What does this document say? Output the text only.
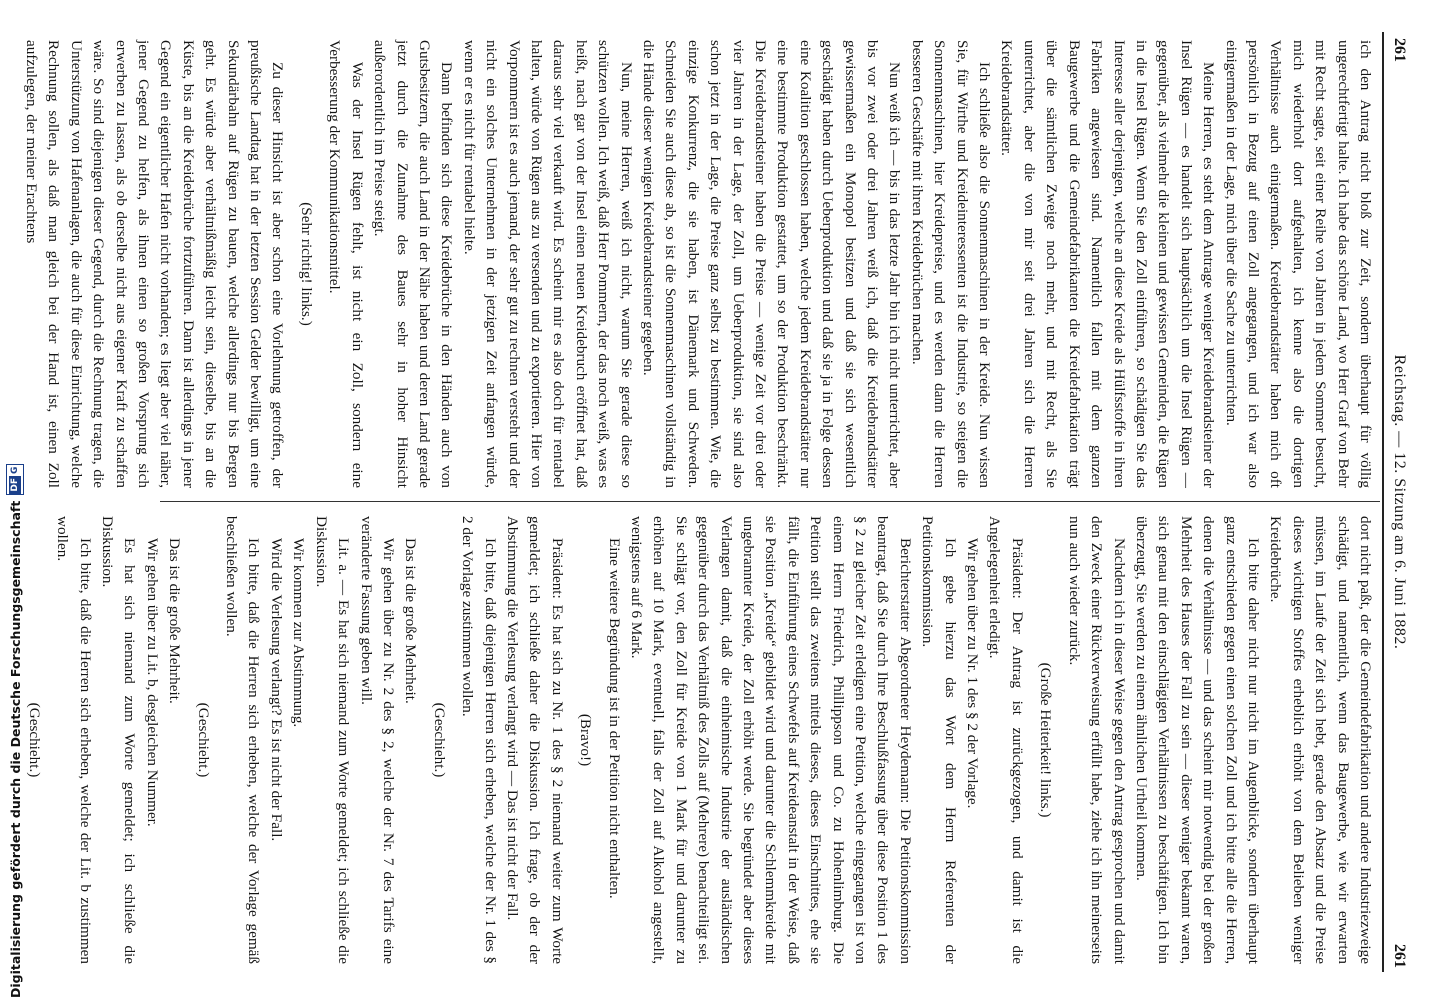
Digitalisierung gefördert durch die Deutsche Forschungsgemeinschaft
DF
G
261
Reichstag. — 12. Sitzung am 6. Juni 1882.
261

ich den Antrag nicht bloß zur Zeit, sondern überhaupt für völlig ungerechtfertigt halte. Ich habe das schöne Land, wo Herr Graf von Behr mit Recht sagte, seit einer Reihe von Jahren in jedem Sommer besucht, mich wiederholt dort aufgehalten, ich kenne also die dortigen Verhältnisse auch einigermaßen. Kreidebrandstätter haben mich oft persönlich in Bezug auf einen Zoll angegangen, und ich war also einigermaßen in der Lage, mich über die Sache zu unterrichten.

Meine Herren, es steht dem Antrage weniger Kreidebrandsteiner der Insel Rügen — es handelt sich hauptsächlich um die Insel Rügen — gegenüber, als vielmehr die kleinen und gewissen Gemeinden, die Rügen in die Insel Rügen. Wenn Sie den Zoll einführen, so schädigen Sie das Interesse aller derjenigen, welche an diese Kreide als Hülfsstoffe in ihren Fabriken angewiesen sind. Namentlich fallen mit dem ganzen Baugewerbe und die Gemeindefabrikanten die Kreidefabrikation trägt über die sämtlichen Zweige noch mehr, und mit Recht, als Sie unterrichtet, aber die von mir seit drei Jahren sich die Herren Kreidebrandstätter.

Ich schließe also die Sonnenmaschinen in der Kreide. Nun wissen Sie, für Wirthe und Kreideinteressenten ist die Industrie, so steigen die Sonnenmaschinen, hier Kreidepreise, und es werden dann die Herren besseren Geschäfte mit ihren Kreidebrüchen machen.

Nun weiß ich — bis in das letzte Jahr bin ich nicht unterrichtet, aber bis vor zwei oder drei Jahren weiß ich, daß die Kreidebrandstätter gewissermaßen ein Monopol besitzen und daß sie sich wesentlich geschädigt haben durch Ueberproduktion und daß sie ja in Folge dessen eine Koalition geschlossen haben, welche jedem Kreidebrandstätter nur eine bestimmte Produktion gestattet, um so der Produktion beschränkt. Die Kreidebrandsteiner haben die Preise — wenige Zeit vor drei oder vier Jahren in der Lage, der Zoll, um Ueberproduktion, sie sind also schon jetzt in der Lage, die Preise ganz selbst zu bestimmen. Wie, die einzige Konkurrenz, die sie haben, ist Dänemark und Schweden. Schneiden Sie auch diese ab, so ist die Sonnenmaschinen vollständig in die Hände dieser wenigen Kreidebrandsteiner gegeben.

Nun, meine Herren, weiß ich nicht, warum Sie gerade diese so schützen wollen. Ich weiß, daß Herr Pommern, der das noch weiß, was es heißt, nach gar von der Insel einen neuen Kreidebruch eröffnet hat, daß daraus sehr viel verkauft wird. Es scheint mir es also doch für rentabel halten, würde von Rügen aus zu versenden und zu exportieren. Hier von Vorpommern ist es auch jemand, der sehr gut zu rechnen versteht und der nicht ein solches Unternehmen in der jetzigen Zeit anfangen würde, wenn er es nicht für rentabel hielte.

Dann befinden sich diese Kreidebrüche in den Händen auch von Gutsbesitzern, die auch Land in der Nähe haben und deren Land gerade jetzt durch die Zunahme des Baues sehr in hoher Hinsicht außerordentlich im Preise steigt.

Was der Insel Rügen fehlt, ist nicht ein Zoll, sondern eine Verbesserung der Kommunikationsmittel.

(Sehr richtig! links.)

Zu dieser Hinsicht ist aber schon eine Vorlehnung getroffen, der preußische Landtag hat in der letzten Session Gelder bewilligt, um eine Sekundärbahn auf Rügen zu bauen, welche allerdings nur bis Bergen geht. Es würde aber verhältnißmäßig leicht sein, dieselbe, bis an die Küste, bis an die Kreidebrüche fortzuführen. Dann ist allerdings in jener Gegend ein eigentlicher Hafen nicht vorhanden; es liegt aber viel näher, jener Gegend zu helfen, als ihnen einen so großen Vorsprung sich erwerben zu lassen, als ob derselbe nicht aus eigener Kraft zu schaffen wäre. So sind diejenigen dieser Gegend, durch die Rechnung tragen, die Unterstützung von Hafenanlagen, die auch für diese Einrichtung, welche Rechnung sollen, als daß man gleich bei der Hand ist, einen Zoll aufzulegen, der meiner Erachtens

dort nicht paßt, der die Gemeindefabrikation und andere Industriezweige schädigt, und namentlich, wenn das Baugewerbe, wie wir erwarten müssen, im Laufe der Zeit sich hebt, gerade den Absatz und die Preise dieses wichtigen Stoffes erheblich erhöht von dem Belieben weniger Kreidebrüche.

Ich bitte daher nicht nur nicht im Augenblicke, sondern überhaupt ganz entschieden gegen einen solchen Zoll und ich bitte alle die Herren, denen die Verhältnisse — und das scheint mir notwendig bei der großen Mehrheit des Hauses der Fall zu sein — dieser weniger bekannt waren, sich genau mit den einschlägigen Verhältnissen zu beschäftigen. Ich bin überzeugt, Sie werden zu einem ähnlichen Urtheil kommen.

Nachdem ich in dieser Weise gegen den Antrag gesprochen und damit den Zweck einer Rückverweisung erfüllt habe, ziehe ich ihn meinerseits nun auch wieder zurück.

(Große Heiterkeit! links.)

Präsident: Der Antrag ist zurückgezogen, und damit ist die Angelegenheit erledigt.

Wir gehen über zu Nr. 1 des § 2 der Vorlage.

Ich gebe hierzu das Wort dem Herrn Referenten der Petitionskommission.

Berichterstatter Abgeordneter Heydemann: Die Petitionskommission beantragt, daß Sie durch Ihre Beschlußfassung über diese Position 1 des § 2 zu gleicher Zeit erledigen eine Petition, welche eingegangen ist von einem Herrn Friedrich, Phillippson und Co. zu Hohenlimburg. Die Petition stellt das zweitens mittels dieses, dieses Einschnittes, ehe sie fällt, die Einführung eines Schwefels auf Kreideanstalt in der Weise, daß sie Position „Kreide“ gebildet wird und darunter die Schlemmkreide mit ungebrannter Kreide, der Zoll erhöht werde. Sie begründet aber dieses Verlangen damit, daß die einheimische Industrie der ausländischen gegenüber durch das Verhältniß des Zolls auf (Mehrere) benachteiligt sei. Sie schlägt vor, den Zoll für Kreide von 1 Mark für und darunter zu erhöhen auf 10 Mark, eventuell, falls der Zoll auf Alkohol angestellt, wenigstens auf 6 Mark.

Eine weitere Begründung ist in der Petition nicht enthalten.

(Bravo!)

Präsident: Es hat sich zu Nr. 1 des § 2 niemand weiter zum Worte gemeldet; ich schließe daher die Diskussion. Ich frage, ob der der Abstimmung die Verlesung verlangt wird — Das ist nicht der Fall.

Ich bitte, daß diejenigen Herren sich erheben, welche der Nr. 1 des § 2 der Vorlage zustimmen wollen.

(Geschieht.)

Das ist die große Mehrheit.

Wir gehen über zu Nr. 2 des § 2, welche der Nr. 7 des Tarifs eine veränderte Fassung geben will.

Lit. a. — Es hat sich niemand zum Worte gemeldet; ich schließe die Diskussion.

Wir kommen zur Abstimmung.

Wird die Verlesung verlangt? Es ist nicht der Fall.

Ich bitte, daß die Herren sich erheben, welche der Vorlage gemäß beschließen wollen.

(Geschieht.)

Das ist die große Mehrheit.

Wir gehen über zu Lit. b, desgleichen Nummer.

Es hat sich niemand zum Worte gemeldet; ich schließe die Diskussion.

Ich bitte, daß die Herren sich erheben, welche der Lit. b zustimmen wollen.

(Geschieht.)
